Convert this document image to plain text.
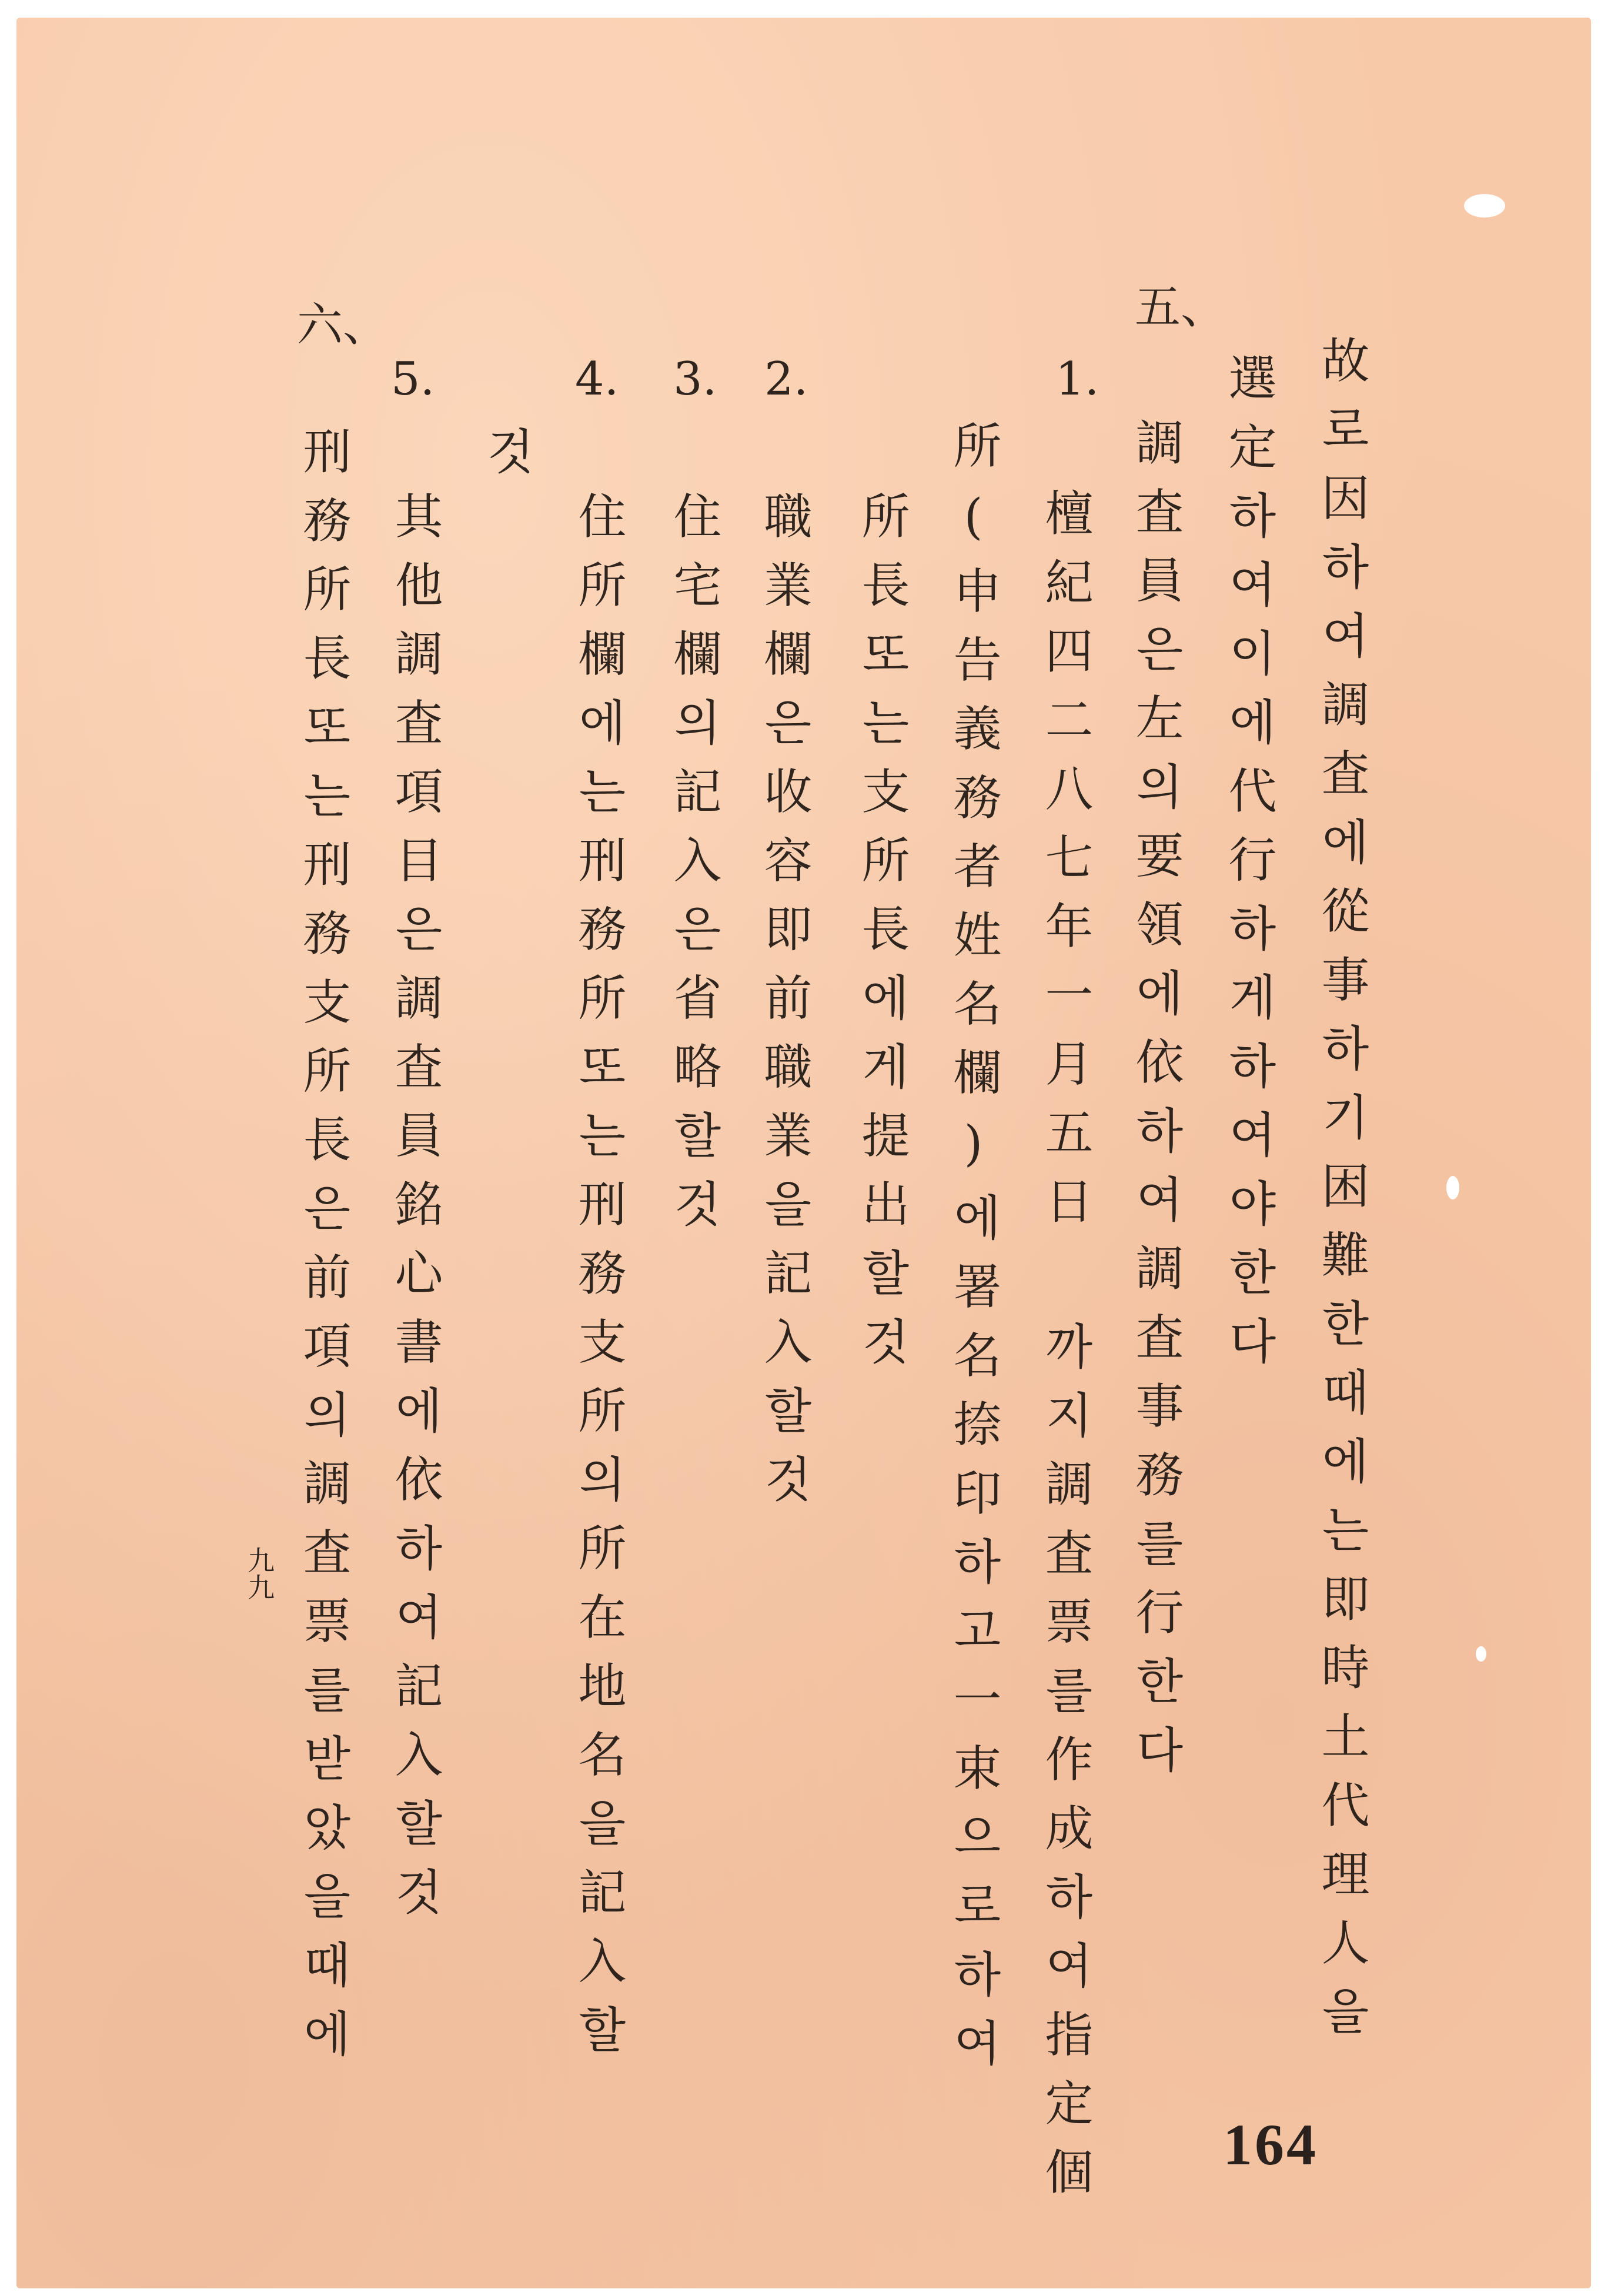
故로因하여調査에從事하기困難한때에는即時土代理人을
選定하여이에代行하게하여야한다
五、
調査員은左의要領에依하여調査事務를行한다
1.
檀紀四二八七年一月五日 까지調査票를作成하여指定個
所(申告義務者姓名欄)에署名捺印하고一束으로하여
所長또는支所長에게提出할것
2.
職業欄은收容即前職業을記入할것
3.
住宅欄의記入은省略할것
4.
住所欄에는刑務所또는刑務支所의所在地名을記入할
것
5.
其他調査項目은調査員銘心書에依하여記入할것
六、
刑務所長또는刑務支所長은前項의調査票를받았을때에
九九
164
